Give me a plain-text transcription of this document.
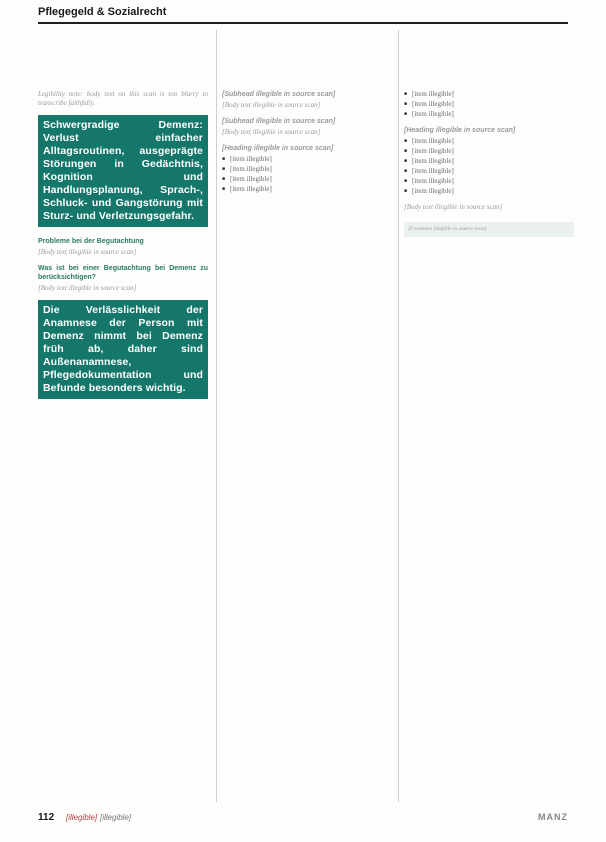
Pflegegeld & Sozialrecht

Legibility note: body text on this scan is too blurry to transcribe faithfully.

Schwergradige Demenz: Verlust einfacher Alltagsroutinen, ausgeprägte Störungen in Gedächtnis, Kognition und Handlungsplanung, Sprach-, Schluck- und Gangstörung mit Sturz- und Verletzungsgefahr.
Probleme bei der Begutachtung

[Body text illegible in source scan]

Was ist bei einer Begutachtung bei Demenz zu berücksichtigen?

[Body text illegible in source scan]

Die Verlässlichkeit der Anamnese der Person mit Demenz nimmt bei Demenz früh ab, daher sind Außenanamnese, Pflegedokumentation und Befunde besonders wichtig.
[Subhead illegible in source scan]

[Body text illegible in source scan]

[Subhead illegible in source scan]

[Body text illegible in source scan]

[Heading illegible in source scan]
■ [item illegible]
■ [item illegible]
■ [item illegible]
■ [item illegible]
■ [item illegible]
■ [item illegible]
■ [item illegible]
[Heading illegible in source scan]
■ [item illegible]
■ [item illegible]
■ [item illegible]
■ [item illegible]
■ [item illegible]
■ [item illegible]

[Body text illegible in source scan]

[Footnotes illegible in source scan]
112 [illegible] [illegible]	MANZ
